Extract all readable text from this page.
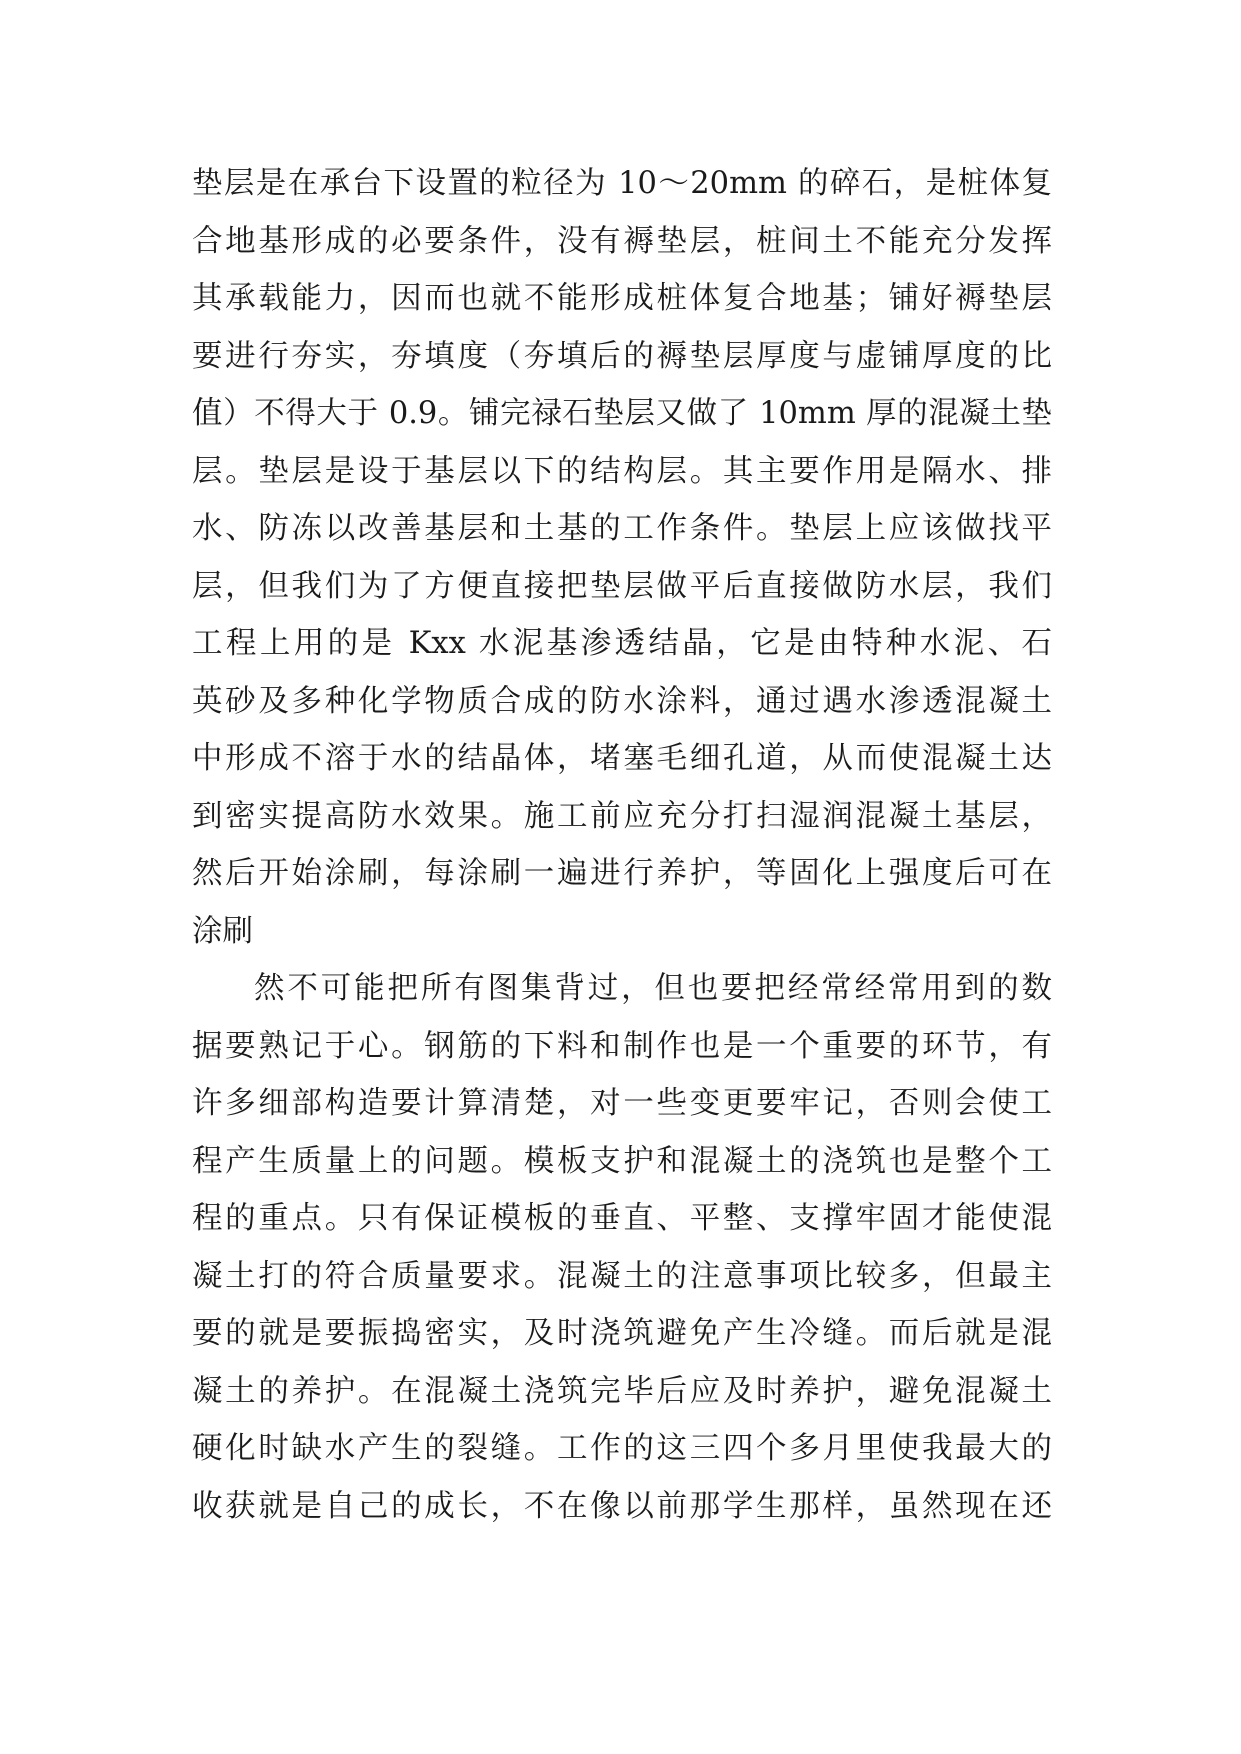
垫层是在承台下设置的粒径为 10～20mm 的碎石，是桩体复
合地基形成的必要条件，没有褥垫层，桩间土不能充分发挥
其承载能力，因而也就不能形成桩体复合地基；铺好褥垫层
要进行夯实，夯填度（夯填后的褥垫层厚度与虚铺厚度的比
值）不得大于 0.9。铺完禄石垫层又做了 10mm 厚的混凝土垫
层。垫层是设于基层以下的结构层。其主要作用是隔水、排
水、防冻以改善基层和土基的工作条件。垫层上应该做找平
层，但我们为了方便直接把垫层做平后直接做防水层，我们
工程上用的是 Kxx 水泥基渗透结晶，它是由特种水泥、石
英砂及多种化学物质合成的防水涂料，通过遇水渗透混凝土
中形成不溶于水的结晶体，堵塞毛细孔道，从而使混凝土达
到密实提高防水效果。施工前应充分打扫湿润混凝土基层，
然后开始涂刷，每涂刷一遍进行养护，等固化上强度后可在
涂刷
然不可能把所有图集背过，但也要把经常经常用到的数
据要熟记于心。钢筋的下料和制作也是一个重要的环节，有
许多细部构造要计算清楚，对一些变更要牢记，否则会使工
程产生质量上的问题。模板支护和混凝土的浇筑也是整个工
程的重点。只有保证模板的垂直、平整、支撑牢固才能使混
凝土打的符合质量要求。混凝土的注意事项比较多，但最主
要的就是要振捣密实，及时浇筑避免产生冷缝。而后就是混
凝土的养护。在混凝土浇筑完毕后应及时养护，避免混凝土
硬化时缺水产生的裂缝。工作的这三四个多月里使我最大的
收获就是自己的成长，不在像以前那学生那样，虽然现在还
